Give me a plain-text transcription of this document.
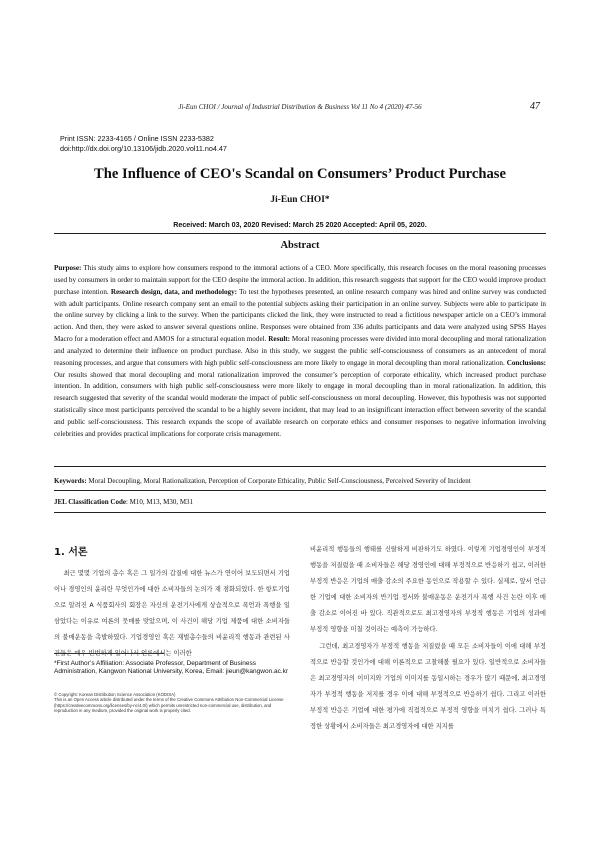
Ji-Eun CHOI / Journal of Industrial Distribution & Business Vol 11 No 4 (2020) 47-56	47
Print ISSN: 2233-4165 / Online ISSN 2233-5382
doi:http://dx.doi.org/10.13106/jidb.2020.vol11.no4.47
The Influence of CEO's Scandal on Consumers’ Product Purchase
Ji-Eun CHOI*
Received: March 03, 2020 Revised: March 25 2020 Accepted: April 05, 2020.
Abstract
Purpose: This study aims to explore how consumers respond to the immoral actions of a CEO. More specifically, this research focuses on the moral reasoning processes used by consumers in order to maintain support for the CEO despite the immoral action. In addition, this research suggests that support for the CEO would improve product purchase intention. Research design, data, and methodology: To test the hypotheses presented, an online research company was hired and online survey was conducted with adult participants. Online research company sent an email to the potential subjects asking their participation in an online survey. Subjects were able to participate in the online survey by clicking a link to the survey. When the participants clicked the link, they were instructed to read a fictitious newspaper article on a CEO’s immoral action. And then, they were asked to answer several questions online. Responses were obtained from 336 adults participants and data were analyzed using SPSS Hayes Macro for a moderation effect and AMOS for a structural equation model. Result: Moral reasoning processes were divided into moral decoupling and moral rationalization and analyzed to determine their influence on product purchase. Also in this study, we suggest the public self-consciousness of consumers as an antecedent of moral reasoning processes, and argue that consumers with high public self-consciousness are more likely to engage in moral decoupling than moral rationalization. Conclusions: Our results showed that moral decoupling and moral rationalization improved the consumer’s perception of corporate ethicality, which increased product purchase intention. In addition, consumers with high public self-consciousness were more likely to engage in moral decoupling than in moral rationalization. In addition, this research suggested that severity of the scandal would moderate the impact of public self-consciousness on moral decoupling. However, this hypothesis was not supported statistically since most participants perceived the scandal to be a highly severe incident, that may lead to an insignificant interaction effect between severity of the scandal and public self-consciousness. This research expands the scope of available research on corporate ethics and consumer responses to negative information involving celebrities and provides practical implications for corporate crisis management.
Keywords: Moral Decoupling, Moral Rationalization, Perception of Corporate Ethicality, Public Self-Consciousness, Perceived Severity of Incident
JEL Classification Code: M10, M13, M30, M31
1. 서론

최근 몇몇 기업의 총수 혹은 그 일가의 갑질에 대한 뉴스가 연이어 보도되면서 기업이나 경영인의 윤리란 무엇인가에 대한 소비자들의 논의가 재 점화되었다. 한 항토기업으로 알려진 A 식품회사의 회장은 자신의 운전기사에게 상습적으로 폭언과 폭행을 일삼았다는 이유로 여론의 뭇매를 맞았으며, 이 사건이 해당 기업 제품에 대한 소비자들의 불매운동을 촉발하였다. 기업경영인 혹은 재벌총수들의 비윤리적 행동과 관련된 사건들은 매우 빈번하게 일어나서 언론에서는 이러한

비윤리적 행동들의 행태를 신랄하게 비판하기도 하였다. 이렇게 기업경영인이 부정적 행동을 저질렀을 때 소비자들은 해당 경영인에 대해 부정적으로 반응하기 쉽고, 이러한 부정적 반응은 기업의 매출 감소의 주요한 동인으로 작용할 수 있다. 실제로, 앞서 언급한 기업에 대한 소비자의 반기업 정서와 불매운동은 운전기사 폭행 사건 논란 이후 매출 감소로 이어진 바 있다. 직관적으로도 최고경영자의 부정적 행동은 기업의 성과에 부정적 영향을 미칠 것이라는 예측이 가능하다.

그런데, 최고경영자가 부정적 행동을 저질렀을 때 모든 소비자들이 이에 대해 부정적으로 반응할 것인가에 대해 이론적으로 고찰해볼 필요가 있다. 일반적으로 소비자들은 최고경영자의 이미지와 기업의 이미지를 동일시하는 경우가 많기 때문에, 최고경영자가 부정적 행동을 저지를 경우 이에 대해 부정적으로 반응하기 쉽다. 그리고 이러한 부정적 반응은 기업에 대한 평가에 직접적으로 부정적 영향을 미치기 쉽다. 그러나 특정한 상황에서 소비자들은 최고경영자에 대한 지지를

*First Author’s Affiliation: Associate Professor, Department of Business Administration, Kangwon National University, Korea, Email: jieun@kangwon.ac.kr
© Copyright: Korean Distribution Science Association (KODISA)
This is an Open Access article distributed under the terms of the Creative Commons Attribution Non-Commercial License (https://creativecommons.org/licenses/by-nc/4.0/) which permits unrestricted non-commercial use, distribution, and reproduction in any medium, provided the original work is properly cited.
